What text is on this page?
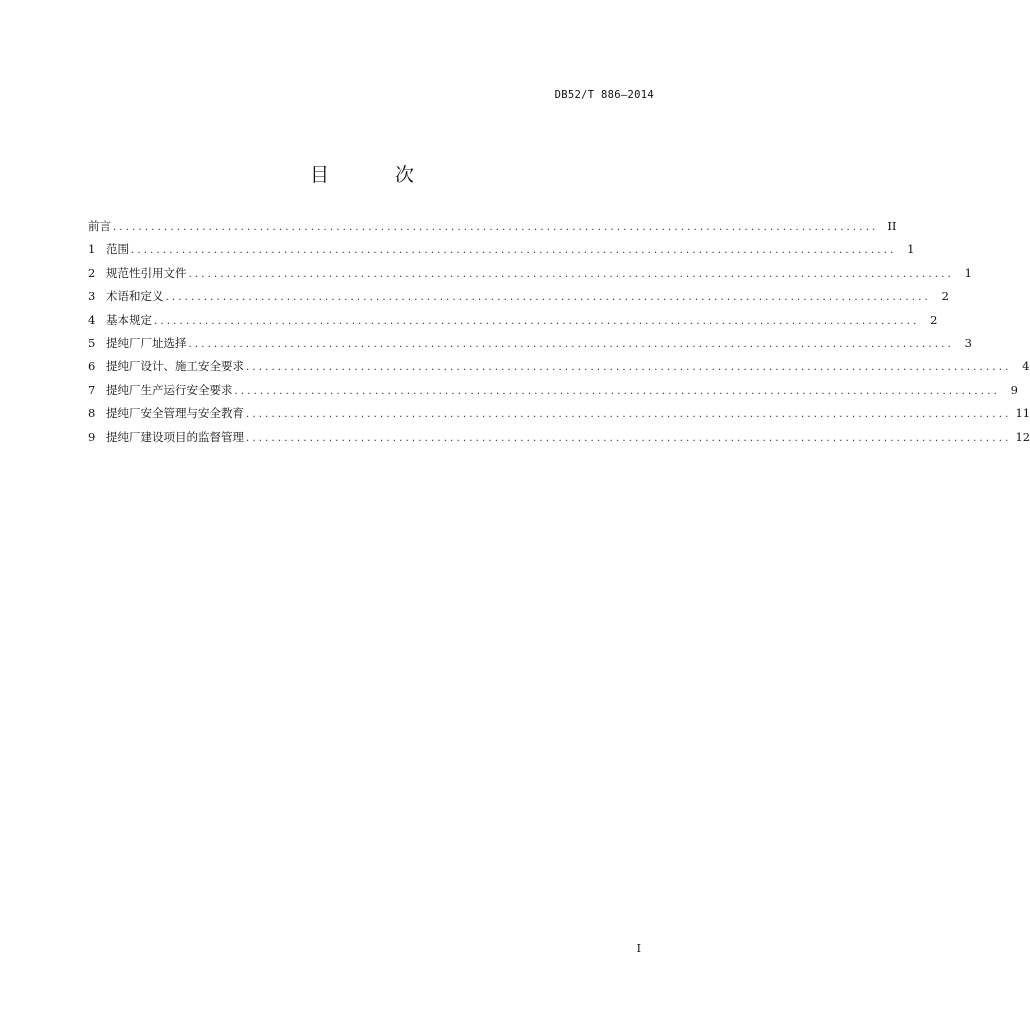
DB52/T 886—2014
目 次
前言 ........................................................................................................................ II
1 范围 ........................................................................................................................ 1
2 规范性引用文件 ........................................................................................................................ 1
3 术语和定义 ........................................................................................................................ 2
4 基本规定 ........................................................................................................................ 2
5 提纯厂厂址选择 ........................................................................................................................ 3
6 提纯厂设计、施工安全要求 ........................................................................................................................ 4
7 提纯厂生产运行安全要求 ........................................................................................................................ 9
8 提纯厂安全管理与安全教育 ........................................................................................................................ 11
9 提纯厂建设项目的监督管理 ........................................................................................................................ 12
I
